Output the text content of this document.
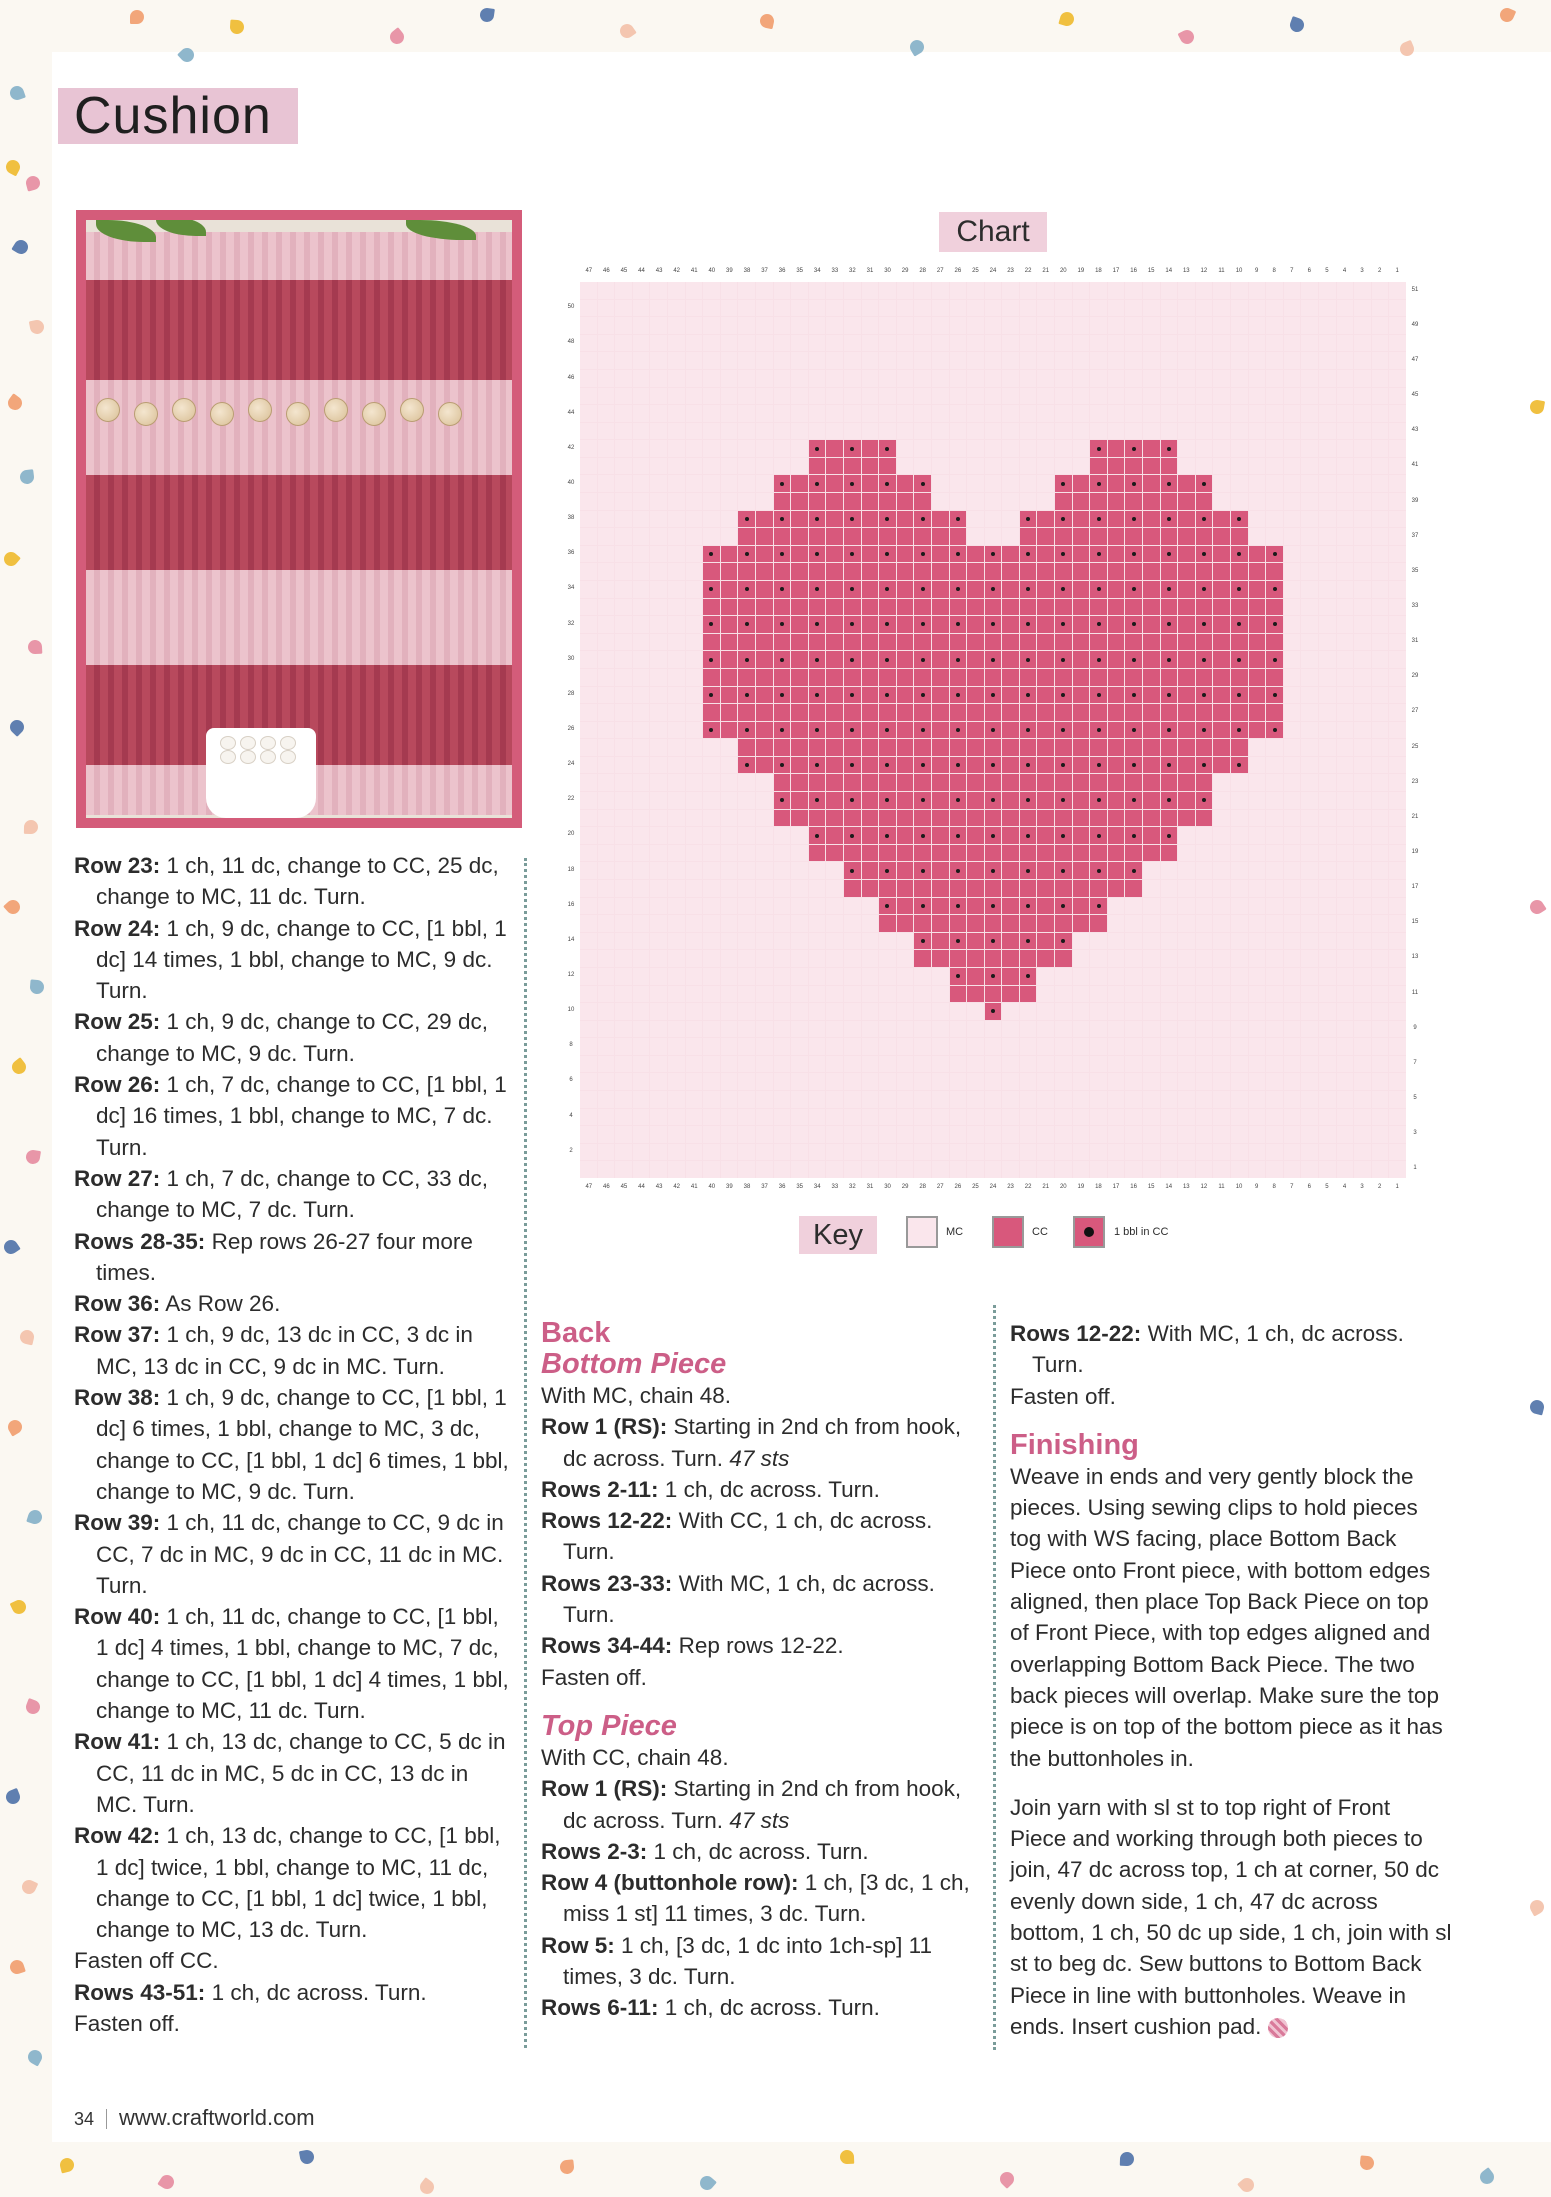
Cushion

Row 23: 1 ch, 11 dc, change to CC, 25 dc, change to MC, 11 dc. Turn.

Row 24: 1 ch, 9 dc, change to CC, [1 bbl, 1 dc] 14 times, 1 bbl, change to MC, 9 dc. Turn.

Row 25: 1 ch, 9 dc, change to CC, 29 dc, change to MC, 9 dc. Turn.

Row 26: 1 ch, 7 dc, change to CC, [1 bbl, 1 dc] 16 times, 1 bbl, change to MC, 7 dc. Turn.

Row 27: 1 ch, 7 dc, change to CC, 33 dc, change to MC, 7 dc. Turn.

Rows 28-35: Rep rows 26-27 four more times.

Row 36: As Row 26.

Row 37: 1 ch, 9 dc, 13 dc in CC, 3 dc in MC, 13 dc in CC, 9 dc in MC. Turn.

Row 38: 1 ch, 9 dc, change to CC, [1 bbl, 1 dc] 6 times, 1 bbl, change to MC, 3 dc, change to CC, [1 bbl, 1 dc] 6 times, 1 bbl, change to MC, 9 dc. Turn.

Row 39: 1 ch, 11 dc, change to CC, 9 dc in CC, 7 dc in MC, 9 dc in CC, 11 dc in MC. Turn.

Row 40: 1 ch, 11 dc, change to CC, [1 bbl, 1 dc] 4 times, 1 bbl, change to MC, 7 dc, change to CC, [1 bbl, 1 dc] 4 times, 1 bbl, change to MC, 11 dc. Turn.

Row 41: 1 ch, 13 dc, change to CC, 5 dc in CC, 11 dc in MC, 5 dc in CC, 13 dc in MC. Turn.

Row 42: 1 ch, 13 dc, change to CC, [1 bbl, 1 dc] twice, 1 bbl, change to MC, 11 dc, change to CC, [1 bbl, 1 dc] twice, 1 bbl, change to MC, 13 dc. Turn.

Fasten off CC.

Rows 43-51: 1 ch, dc across. Turn.

Fasten off.

Chart
47
47
46
46
45
45
44
44
43
43
42
42
41
41
40
40
39
39
38
38
37
37
36
36
35
35
34
34
33
33
32
32
31
31
30
30
29
29
28
28
27
27
26
26
25
25
24
24
23
23
22
22
21
21
20
20
19
19
18
18
17
17
16
16
15
15
14
14
13
13
12
12
11
11
10
10
9
9
8
8
7
7
6
6
5
5
4
4
3
3
2
2
1
1
1
2
3
4
5
6
7
8
9
10
11
12
13
14
15
16
17
18
19
20
21
22
23
24
25
26
27
28
29
30
31
32
33
34
35
36
37
38
39
40
41
42
43
44
45
46
47
48
49
50
51
Key	MC	CC	1 bbl in CC

Back

Bottom Piece

With MC, chain 48.

Row 1 (RS): Starting in 2nd ch from hook, dc across. Turn. 47 sts

Rows 2-11: 1 ch, dc across. Turn.

Rows 12-22: With CC, 1 ch, dc across. Turn.

Rows 23-33: With MC, 1 ch, dc across. Turn.

Rows 34-44: Rep rows 12-22.

Fasten off.

Top Piece

With CC, chain 48.

Row 1 (RS): Starting in 2nd ch from hook, dc across. Turn. 47 sts

Rows 2-3: 1 ch, dc across. Turn.

Row 4 (buttonhole row): 1 ch, [3 dc, 1 ch, miss 1 st] 11 times, 3 dc. Turn.

Row 5: 1 ch, [3 dc, 1 dc into 1ch-sp] 11 times, 3 dc. Turn.

Rows 6-11: 1 ch, dc across. Turn.

Rows 12-22: With MC, 1 ch, dc across. Turn.

Fasten off.

Finishing

Weave in ends and very gently block the pieces. Using sewing clips to hold pieces tog with WS facing, place Bottom Back Piece onto Front piece, with bottom edges aligned, then place Top Back Piece on top of Front Piece, with top edges aligned and overlapping Bottom Back Piece. The two back pieces will overlap. Make sure the top piece is on top of the bottom piece as it has the buttonholes in.

Join yarn with sl st to top right of Front Piece and working through both pieces to join, 47 dc across top, 1 ch at corner, 50 dc evenly down side, 1 ch, 47 dc across bottom, 1 ch, 50 dc up side, 1 ch, join with sl st to beg dc. Sew buttons to Bottom Back Piece in line with buttonholes. Weave in ends. Insert cushion pad.

34 www.craftworld.com
